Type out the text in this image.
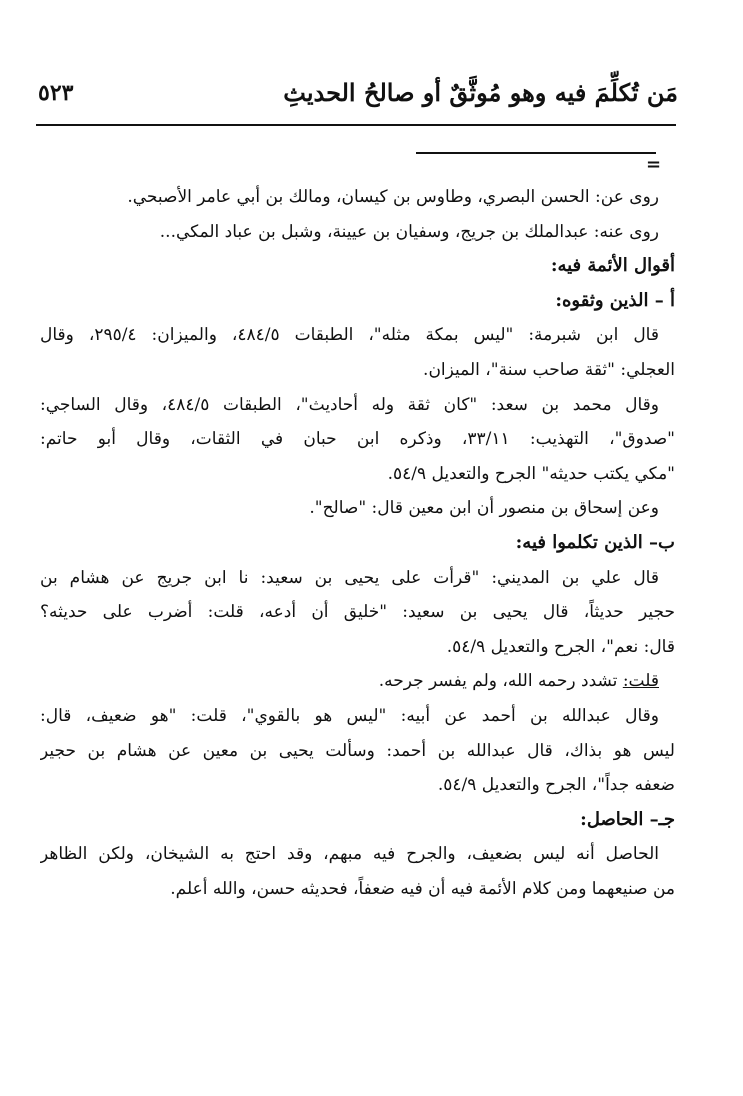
مَن تُكلِّمَ فيه وهو مُوثَّقٌ أو صالحُ الحديثِ
٥٢٣
=
روى عن: الحسن البصري، وطاوس بن كيسان، ومالك بن أبي عامر الأصبحي.
روى عنه: عبدالملك بن جريج، وسفيان بن عيينة، وشبل بن عباد المكي...
أقوال الأئمة فيه:
أ – الذين وثقوه:
قال ابن شبرمة: "ليس بمكة مثله"، الطبقات ٤٨٤/٥، والميزان: ٢٩٥/٤، وقال
العجلي: "ثقة صاحب سنة"، الميزان.
وقال محمد بن سعد: "كان ثقة وله أحاديث"، الطبقات ٤٨٤/٥، وقال الساجي:
"صدوق"، التهذيب: ٣٣/١١، وذكره ابن حبان في الثقات، وقال أبو حاتم:
"مكي يكتب حديثه" الجرح والتعديل ٥٤/٩.
وعن إسحاق بن منصور أن ابن معين قال: "صالح".
ب– الذين تكلموا فيه:
قال علي بن المديني: "قرأت على يحيى بن سعيد: نا ابن جريج عن هشام بن
حجير حديثاً، قال يحيى بن سعيد: "خليق أن أدعه، قلت: أضرب على حديثه؟
قال: نعم"، الجرح والتعديل ٥٤/٩.
قلت: تشدد رحمه الله، ولم يفسر جرحه.
وقال عبدالله بن أحمد عن أبيه: "ليس هو بالقوي"، قلت: "هو ضعيف، قال:
ليس هو بذاك، قال عبدالله بن أحمد: وسألت يحيى بن معين عن هشام بن حجير
ضعفه جداً"، الجرح والتعديل ٥٤/٩.
جـ– الحاصل:
الحاصل أنه ليس بضعيف، والجرح فيه مبهم، وقد احتج به الشيخان، ولكن الظاهر
من صنيعهما ومن كلام الأئمة فيه أن فيه ضعفاً، فحديثه حسن، والله أعلم.
